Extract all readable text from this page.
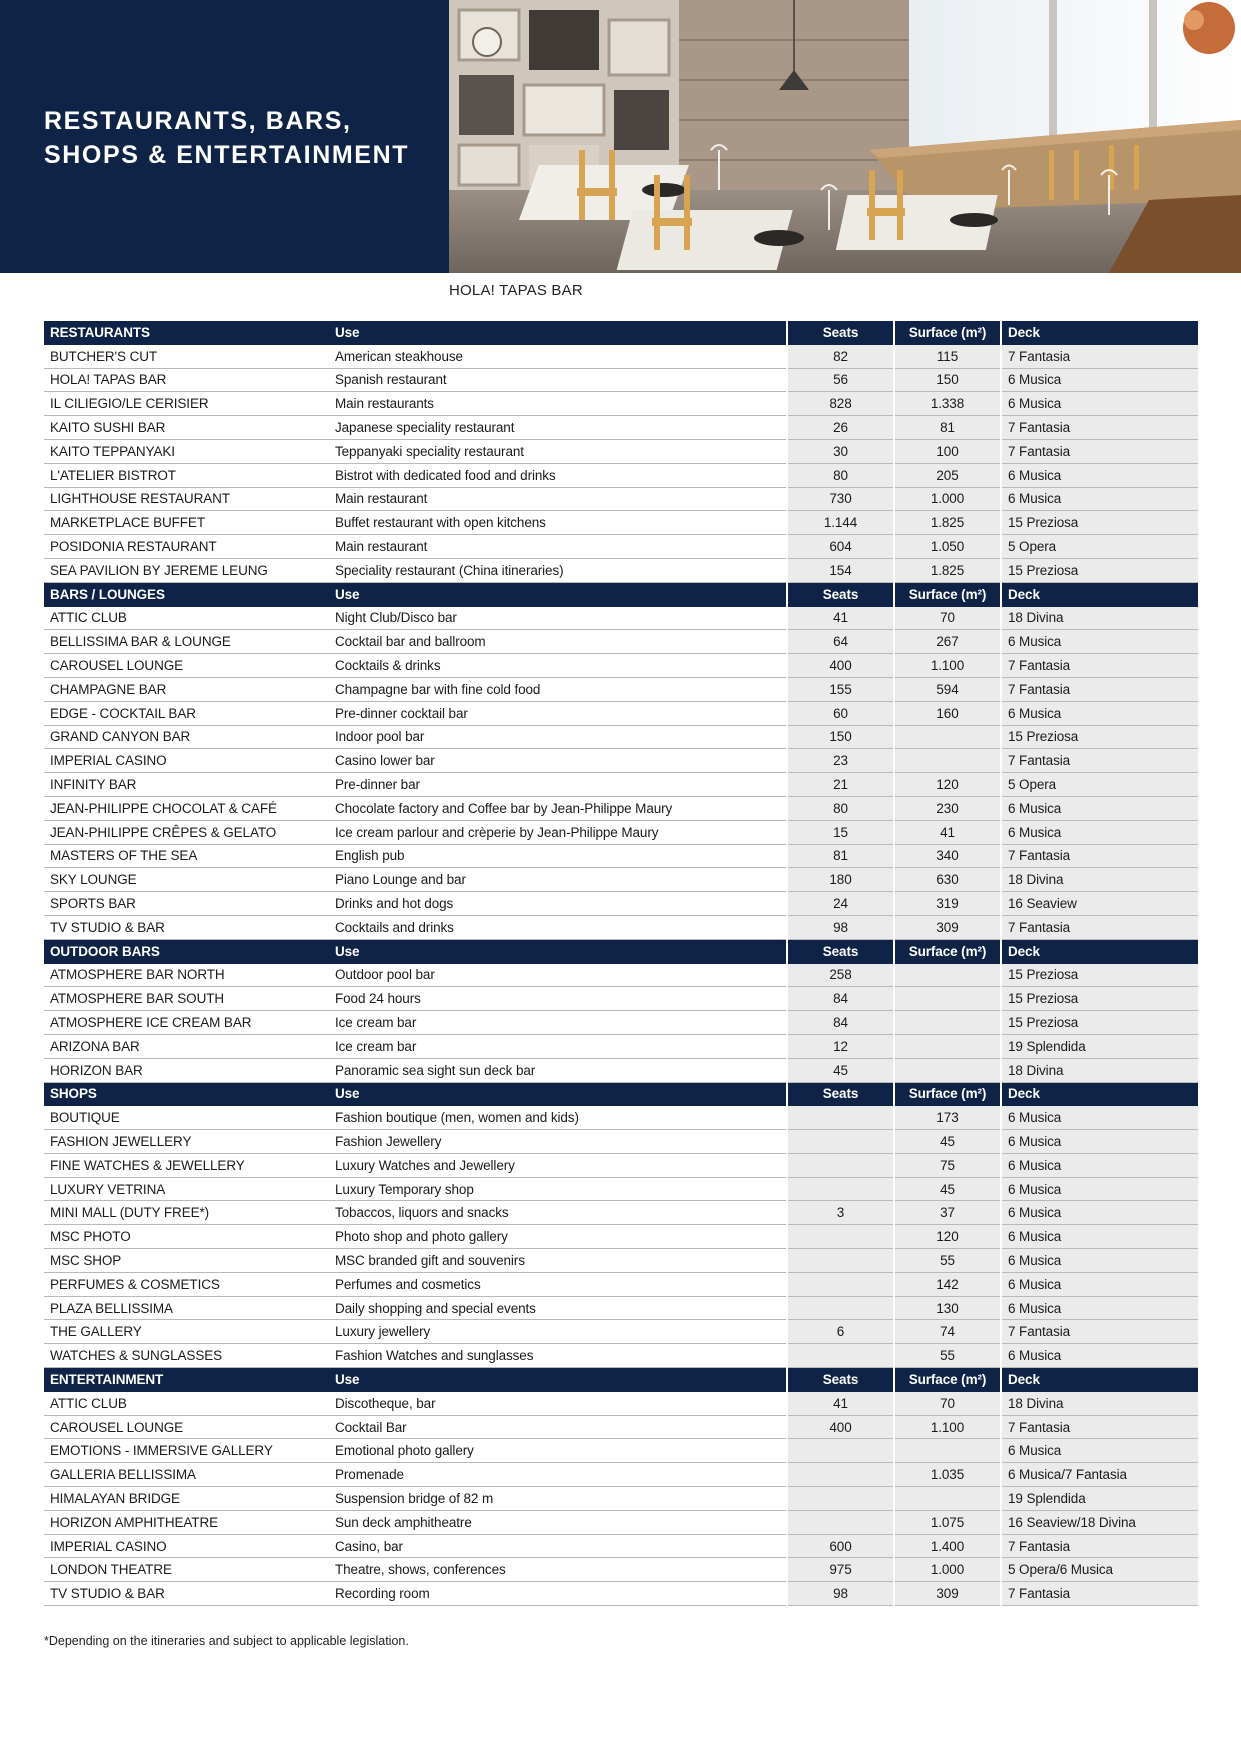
RESTAURANTS, BARS,
SHOPS & ENTERTAINMENT
HOLA! TAPAS BAR
RESTAURANTS	Use	Seats	Surface (m²)	Deck
BUTCHER'S CUT	American steakhouse	82	115	7 Fantasia
HOLA! TAPAS BAR	Spanish restaurant	56	150	6 Musica
IL CILIEGIO/LE CERISIER	Main restaurants	828	1.338	6 Musica
KAITO SUSHI BAR	Japanese speciality restaurant	26	81	7 Fantasia
KAITO TEPPANYAKI	Teppanyaki speciality restaurant	30	100	7 Fantasia
L'ATELIER BISTROT	Bistrot with dedicated food and drinks	80	205	6 Musica
LIGHTHOUSE RESTAURANT	Main restaurant	730	1.000	6 Musica
MARKETPLACE BUFFET	Buffet restaurant with open kitchens	1.144	1.825	15 Preziosa
POSIDONIA RESTAURANT	Main restaurant	604	1.050	5 Opera
SEA PAVILION BY JEREME LEUNG	Speciality restaurant (China itineraries)	154	1.825	15 Preziosa
BARS / LOUNGES	Use	Seats	Surface (m²)	Deck
ATTIC CLUB	Night Club/Disco bar	41	70	18 Divina
BELLISSIMA BAR & LOUNGE	Cocktail bar and ballroom	64	267	6 Musica
CAROUSEL LOUNGE	Cocktails & drinks	400	1.100	7 Fantasia
CHAMPAGNE BAR	Champagne bar with fine cold food	155	594	7 Fantasia
EDGE - COCKTAIL BAR	Pre-dinner cocktail bar	60	160	6 Musica
GRAND CANYON BAR	Indoor pool bar	150		15 Preziosa
IMPERIAL CASINO	Casino lower bar	23		7 Fantasia
INFINITY BAR	Pre-dinner bar	21	120	5 Opera
JEAN-PHILIPPE CHOCOLAT & CAFÉ	Chocolate factory and Coffee bar by Jean-Philippe Maury	80	230	6 Musica
JEAN-PHILIPPE CRÊPES & GELATO	Ice cream parlour and crèperie by Jean-Philippe Maury	15	41	6 Musica
MASTERS OF THE SEA	English pub	81	340	7 Fantasia
SKY LOUNGE	Piano Lounge and bar	180	630	18 Divina
SPORTS BAR	Drinks and hot dogs	24	319	16 Seaview
TV STUDIO & BAR	Cocktails and drinks	98	309	7 Fantasia
OUTDOOR BARS	Use	Seats	Surface (m²)	Deck
ATMOSPHERE BAR NORTH	Outdoor pool bar	258		15 Preziosa
ATMOSPHERE BAR SOUTH	Food 24 hours	84		15 Preziosa
ATMOSPHERE ICE CREAM BAR	Ice cream bar	84		15 Preziosa
ARIZONA BAR	Ice cream bar	12		19 Splendida
HORIZON BAR	Panoramic sea sight sun deck bar	45		18 Divina
SHOPS	Use	Seats	Surface (m²)	Deck
BOUTIQUE	Fashion boutique (men, women and kids)		173	6 Musica
FASHION JEWELLERY	Fashion Jewellery		45	6 Musica
FINE WATCHES & JEWELLERY	Luxury Watches and Jewellery		75	6 Musica
LUXURY VETRINA	Luxury Temporary shop		45	6 Musica
MINI MALL (DUTY FREE*)	Tobaccos, liquors and snacks	3	37	6 Musica
MSC PHOTO	Photo shop and photo gallery		120	6 Musica
MSC SHOP	MSC branded gift and souvenirs		55	6 Musica
PERFUMES & COSMETICS	Perfumes and cosmetics		142	6 Musica
PLAZA BELLISSIMA	Daily shopping and special events		130	6 Musica
THE GALLERY	Luxury jewellery	6	74	7 Fantasia
WATCHES & SUNGLASSES	Fashion Watches and sunglasses		55	6 Musica
ENTERTAINMENT	Use	Seats	Surface (m²)	Deck
ATTIC CLUB	Discotheque, bar	41	70	18 Divina
CAROUSEL LOUNGE	Cocktail Bar	400	1.100	7 Fantasia
EMOTIONS - IMMERSIVE GALLERY	Emotional photo gallery			6 Musica
GALLERIA BELLISSIMA	Promenade		1.035	6 Musica/7 Fantasia
HIMALAYAN BRIDGE	Suspension bridge of 82 m			19 Splendida
HORIZON AMPHITHEATRE	Sun deck amphitheatre		1.075	16 Seaview/18 Divina
IMPERIAL CASINO	Casino, bar	600	1.400	7 Fantasia
LONDON THEATRE	Theatre, shows, conferences	975	1.000	5 Opera/6 Musica
TV STUDIO & BAR	Recording room	98	309	7 Fantasia
*Depending on the itineraries and subject to applicable legislation.
